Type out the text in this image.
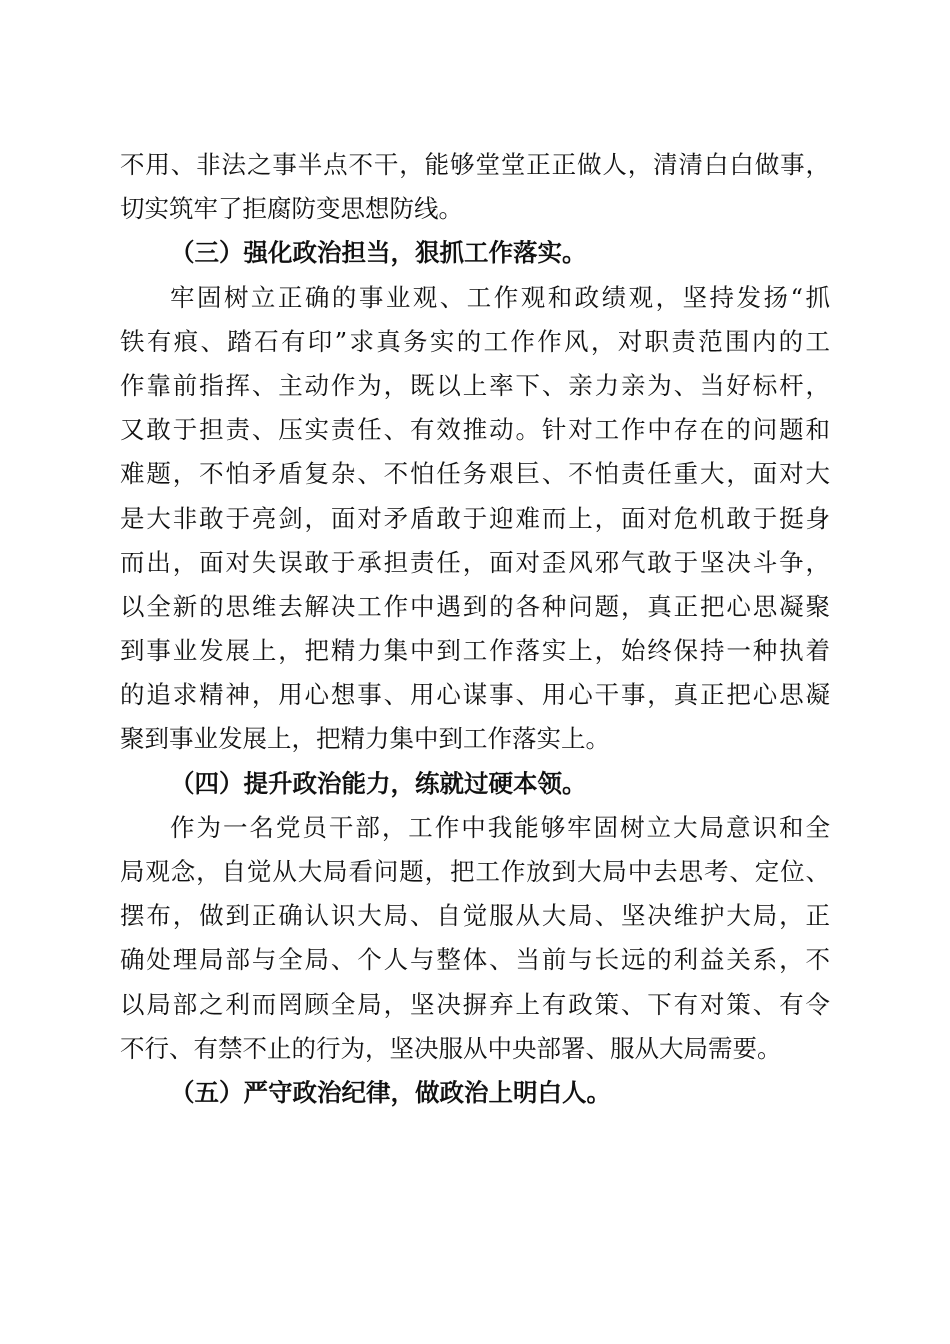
不用、非法之事半点不干，能够堂堂正正做人，清清白白做事，
切实筑牢了拒腐防变思想防线。
（三）强化政治担当，狠抓工作落实。
牢固树立正确的事业观、工作观和政绩观，坚持发扬“抓
铁有痕、踏石有印”求真务实的工作作风，对职责范围内的工
作靠前指挥、主动作为，既以上率下、亲力亲为、当好标杆，
又敢于担责、压实责任、有效推动。针对工作中存在的问题和
难题，不怕矛盾复杂、不怕任务艰巨、不怕责任重大，面对大
是大非敢于亮剑，面对矛盾敢于迎难而上，面对危机敢于挺身
而出，面对失误敢于承担责任，面对歪风邪气敢于坚决斗争，
以全新的思维去解决工作中遇到的各种问题，真正把心思凝聚
到事业发展上，把精力集中到工作落实上，始终保持一种执着
的追求精神，用心想事、用心谋事、用心干事，真正把心思凝
聚到事业发展上，把精力集中到工作落实上。
（四）提升政治能力，练就过硬本领。
作为一名党员干部，工作中我能够牢固树立大局意识和全
局观念，自觉从大局看问题，把工作放到大局中去思考、定位、
摆布，做到正确认识大局、自觉服从大局、坚决维护大局，正
确处理局部与全局、个人与整体、当前与长远的利益关系，不
以局部之利而罔顾全局，坚决摒弃上有政策、下有对策、有令
不行、有禁不止的行为，坚决服从中央部署、服从大局需要。
（五）严守政治纪律，做政治上明白人。
